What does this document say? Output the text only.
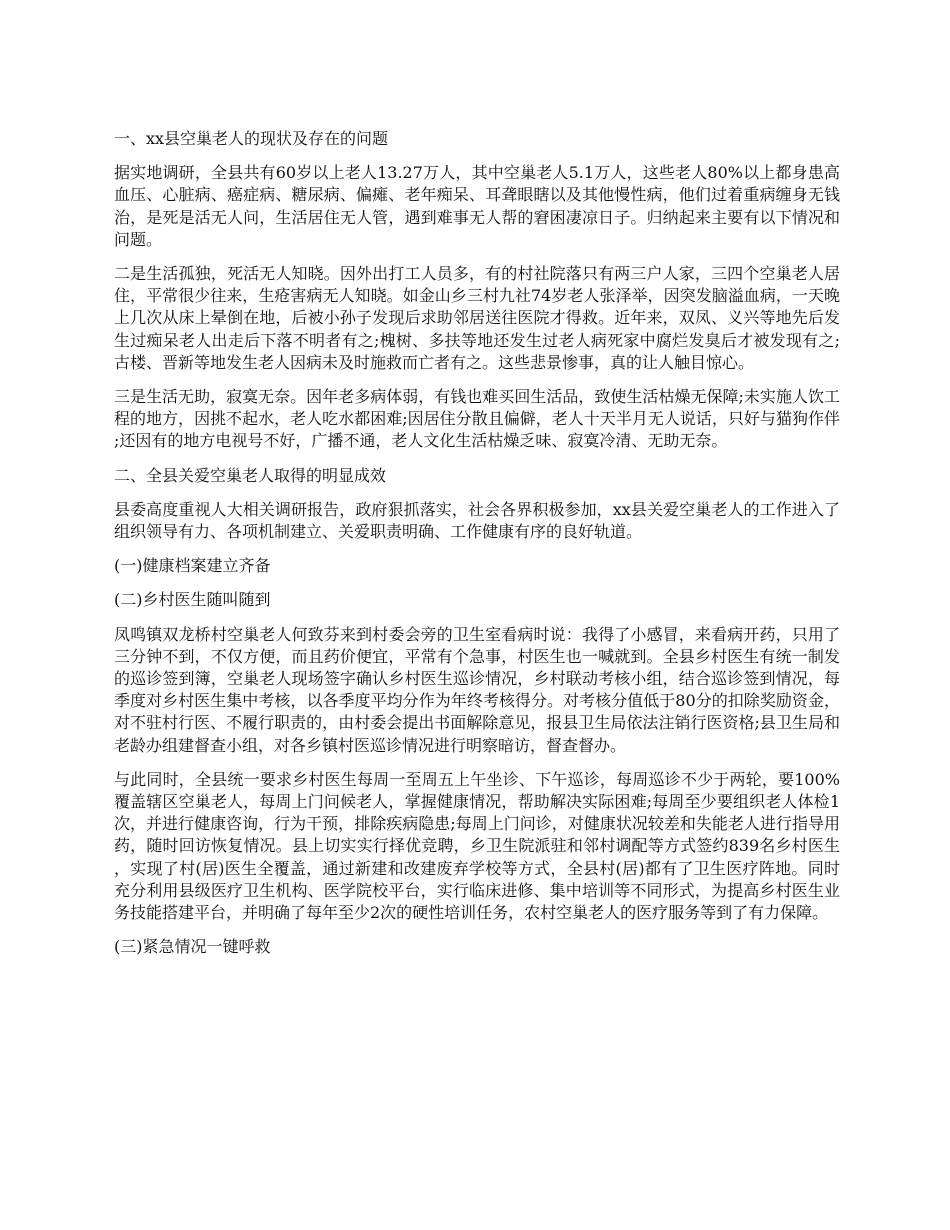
一、xx县空巢老人的现状及存在的问题
据实地调研，全县共有60岁以上老人13.27万人，其中空巢老人5.1万人，这些老人80%以上都身患高血压、心脏病、癌症病、糖尿病、偏瘫、老年痴呆、耳聋眼瞎以及其他慢性病，他们过着重病缠身无钱治，是死是活无人问，生活居住无人管，遇到难事无人帮的窘困凄凉日子。归纳起来主要有以下情况和问题。
二是生活孤独，死活无人知晓。因外出打工人员多，有的村社院落只有两三户人家，三四个空巢老人居住，平常很少往来，生疮害病无人知晓。如金山乡三村九社74岁老人张泽举，因突发脑溢血病，一天晚上几次从床上晕倒在地，后被小孙子发现后求助邻居送往医院才得救。近年来，双凤、义兴等地先后发生过痴呆老人出走后下落不明者有之;槐树、多扶等地还发生过老人病死家中腐烂发臭后才被发现有之;古楼、晋新等地发生老人因病未及时施救而亡者有之。这些悲景惨事，真的让人触目惊心。
三是生活无助，寂寞无奈。因年老多病体弱，有钱也难买回生活品，致使生活枯燥无保障;未实施人饮工程的地方，因挑不起水，老人吃水都困难;因居住分散且偏僻，老人十天半月无人说话，只好与猫狗作伴;还因有的地方电视号不好，广播不通，老人文化生活枯燥乏味、寂寞冷清、无助无奈。
二、全县关爱空巢老人取得的明显成效
县委高度重视人大相关调研报告，政府狠抓落实，社会各界积极参加，xx县关爱空巢老人的工作进入了组织领导有力、各项机制建立、关爱职责明确、工作健康有序的良好轨道。
(一)健康档案建立齐备
(二)乡村医生随叫随到
凤鸣镇双龙桥村空巢老人何致芬来到村委会旁的卫生室看病时说：我得了小感冒，来看病开药，只用了三分钟不到，不仅方便，而且药价便宜，平常有个急事，村医生也一喊就到。全县乡村医生有统一制发的巡诊签到簿，空巢老人现场签字确认乡村医生巡诊情况，乡村联动考核小组，结合巡诊签到情况，每季度对乡村医生集中考核，以各季度平均分作为年终考核得分。对考核分值低于80分的扣除奖励资金，对不驻村行医、不履行职责的，由村委会提出书面解除意见，报县卫生局依法注销行医资格;县卫生局和老龄办组建督查小组，对各乡镇村医巡诊情况进行明察暗访，督查督办。
与此同时，全县统一要求乡村医生每周一至周五上午坐诊、下午巡诊，每周巡诊不少于两轮，要100%覆盖辖区空巢老人，每周上门问候老人，掌握健康情况，帮助解决实际困难;每周至少要组织老人体检1次，并进行健康咨询，行为干预，排除疾病隐患;每周上门问诊，对健康状况较差和失能老人进行指导用药，随时回访恢复情况。县上切实实行择优竞聘，乡卫生院派驻和邻村调配等方式签约839名乡村医生，实现了村(居)医生全覆盖，通过新建和改建废弃学校等方式，全县村(居)都有了卫生医疗阵地。同时充分利用县级医疗卫生机构、医学院校平台，实行临床进修、集中培训等不同形式，为提高乡村医生业务技能搭建平台，并明确了每年至少2次的硬性培训任务，农村空巢老人的医疗服务等到了有力保障。
(三)紧急情况一键呼救
